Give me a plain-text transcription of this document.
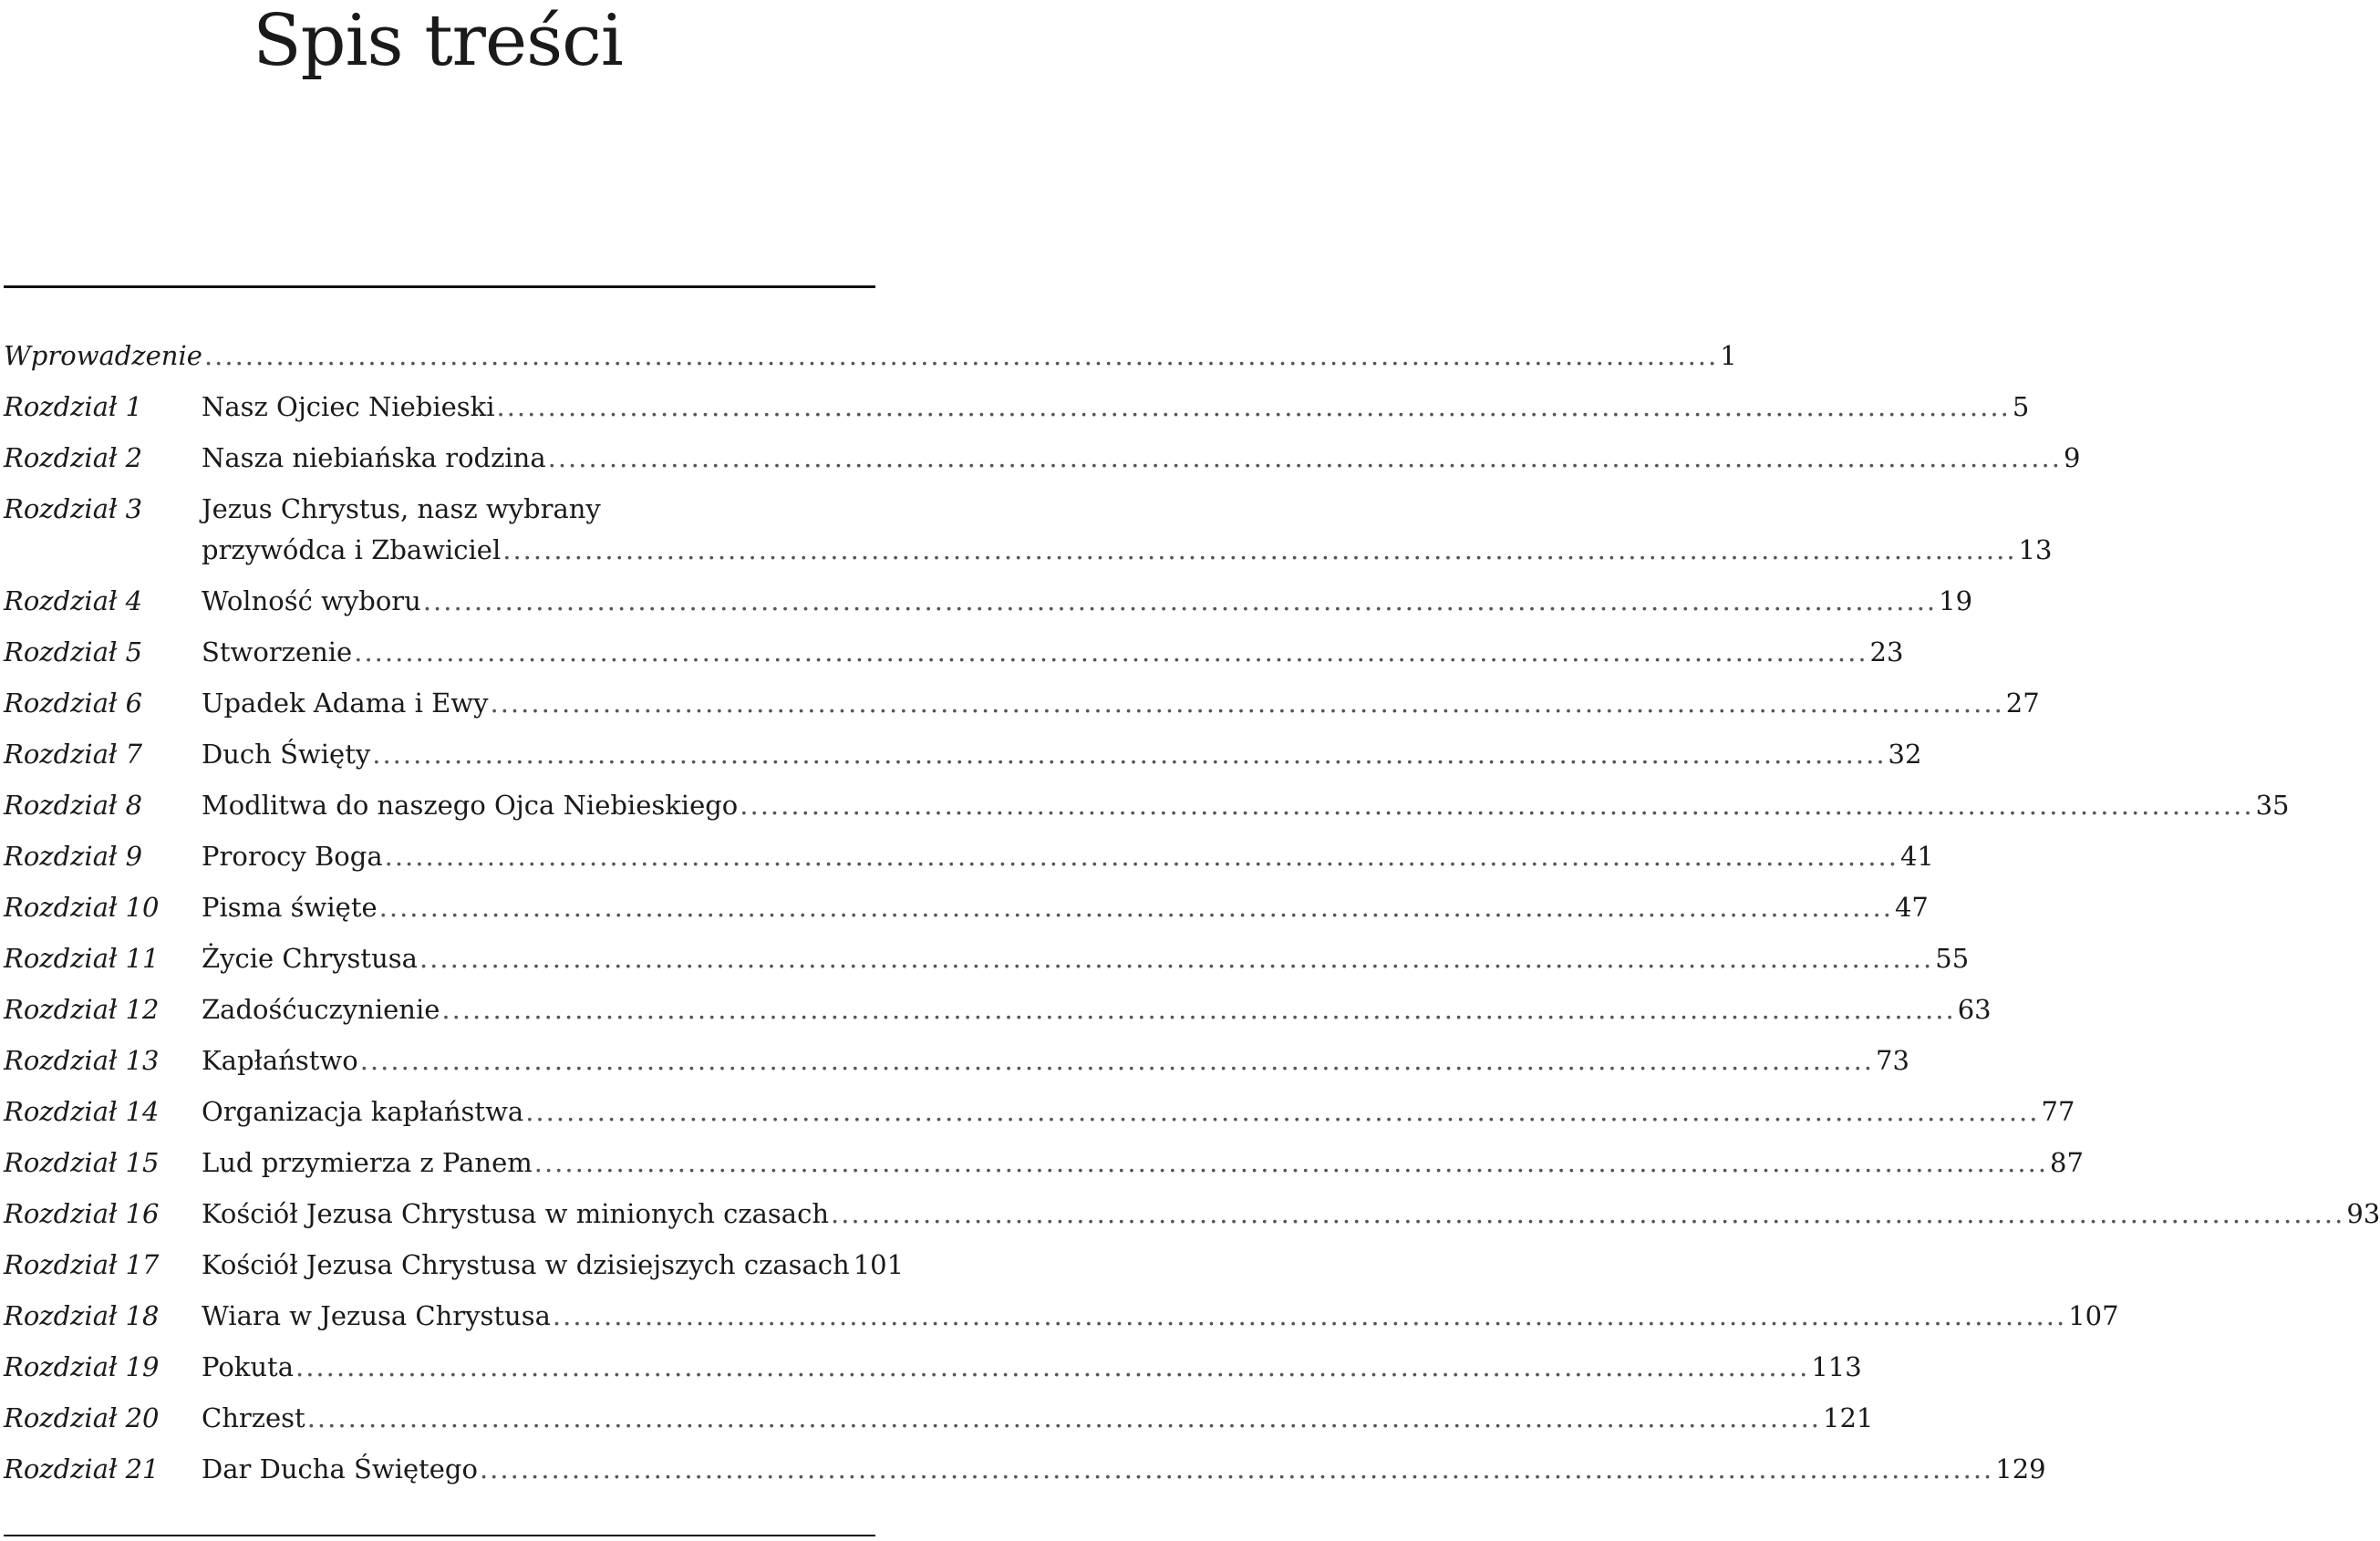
Spis treści
Wprowadzenie .....	1
Rozdział 1 Nasz Ojciec Niebieski .....	5
Rozdział 2 Nasza niebiańska rodzina .....	9
Rozdział 3 Jezus Chrystus, nasz wybrany
przywódca i Zbawiciel .....	13
Rozdział 4 Wolność wyboru .....	19
Rozdział 5 Stworzenie .....	23
Rozdział 6 Upadek Adama i Ewy .....	27
Rozdział 7 Duch Święty .....	32
Rozdział 8 Modlitwa do naszego Ojca Niebieskiego .....	35
Rozdział 9 Prorocy Boga .....	41
Rozdział 10 Pisma święte .....	47
Rozdział 11 Życie Chrystusa .....	55
Rozdział 12 Zadośćuczynienie .....	63
Rozdział 13 Kapłaństwo .....	73
Rozdział 14 Organizacja kapłaństwa .....	77
Rozdział 15 Lud przymierza z Panem .....	87
Rozdział 16 Kościół Jezusa Chrystusa w minionych czasach .....	93
Rozdział 17 Kościół Jezusa Chrystusa w dzisiejszych czasach 101
Rozdział 18 Wiara w Jezusa Chrystusa .....	107
Rozdział 19 Pokuta .....	113
Rozdział 20 Chrzest .....	121
Rozdział 21 Dar Ducha Świętego .....	129
